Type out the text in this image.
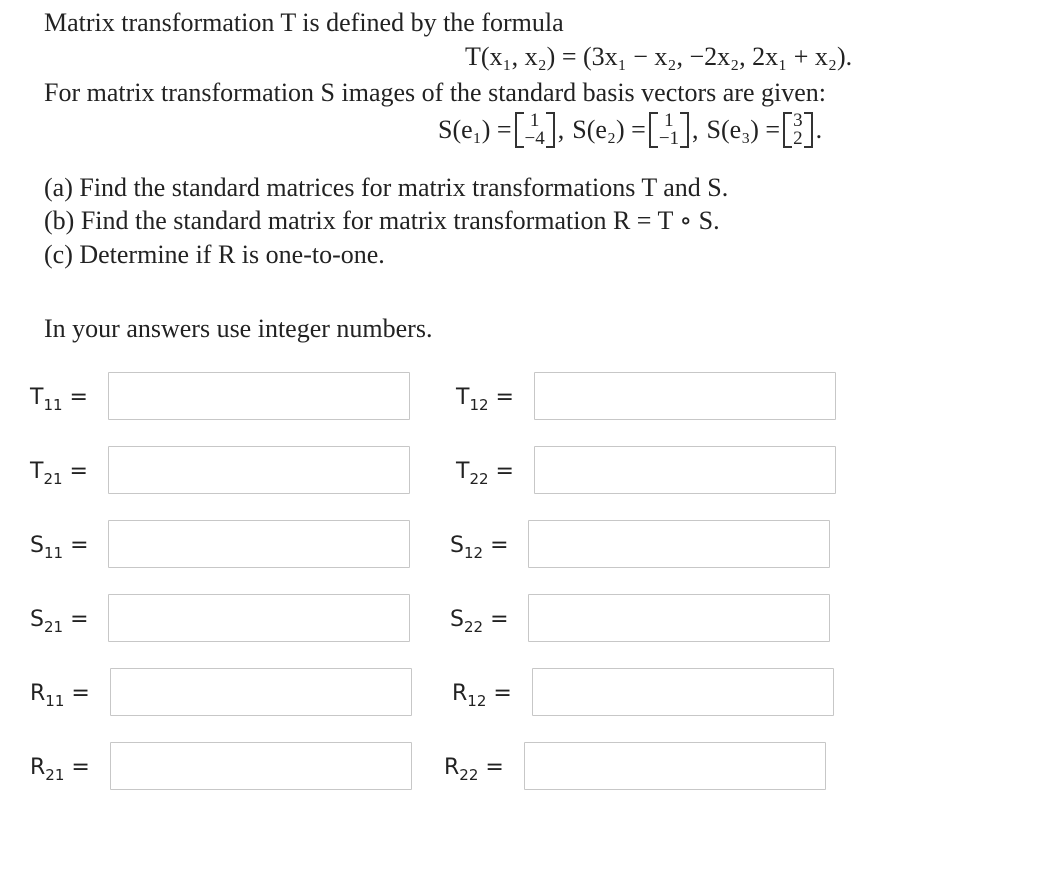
Matrix transformation T is defined by the formula
T(x₁, x₂) = (3x₁ − x₂, −2x₂, 2x₁ + x₂).
For matrix transformation S images of the standard basis vectors are given:
S(e₁) = 1
−4 , S(e₂) = 1
−1 , S(e₃) = 3
2 .
(a) Find the standard matrices for matrix transformations T and S.
(b) Find the standard matrix for matrix transformation R = T ∘ S.
(c) Determine if R is one-to-one.
In your answers use integer numbers.
$T_{11}$ =	$T_{12}$ =
$T_{21}$ =	$T_{22}$ =
$S_{11}$ =	$S_{12}$ =
$S_{21}$ =	$S_{22}$ =
$R_{11}$ =	$R_{12}$ =
$R_{21}$ =	$R_{22}$ =
